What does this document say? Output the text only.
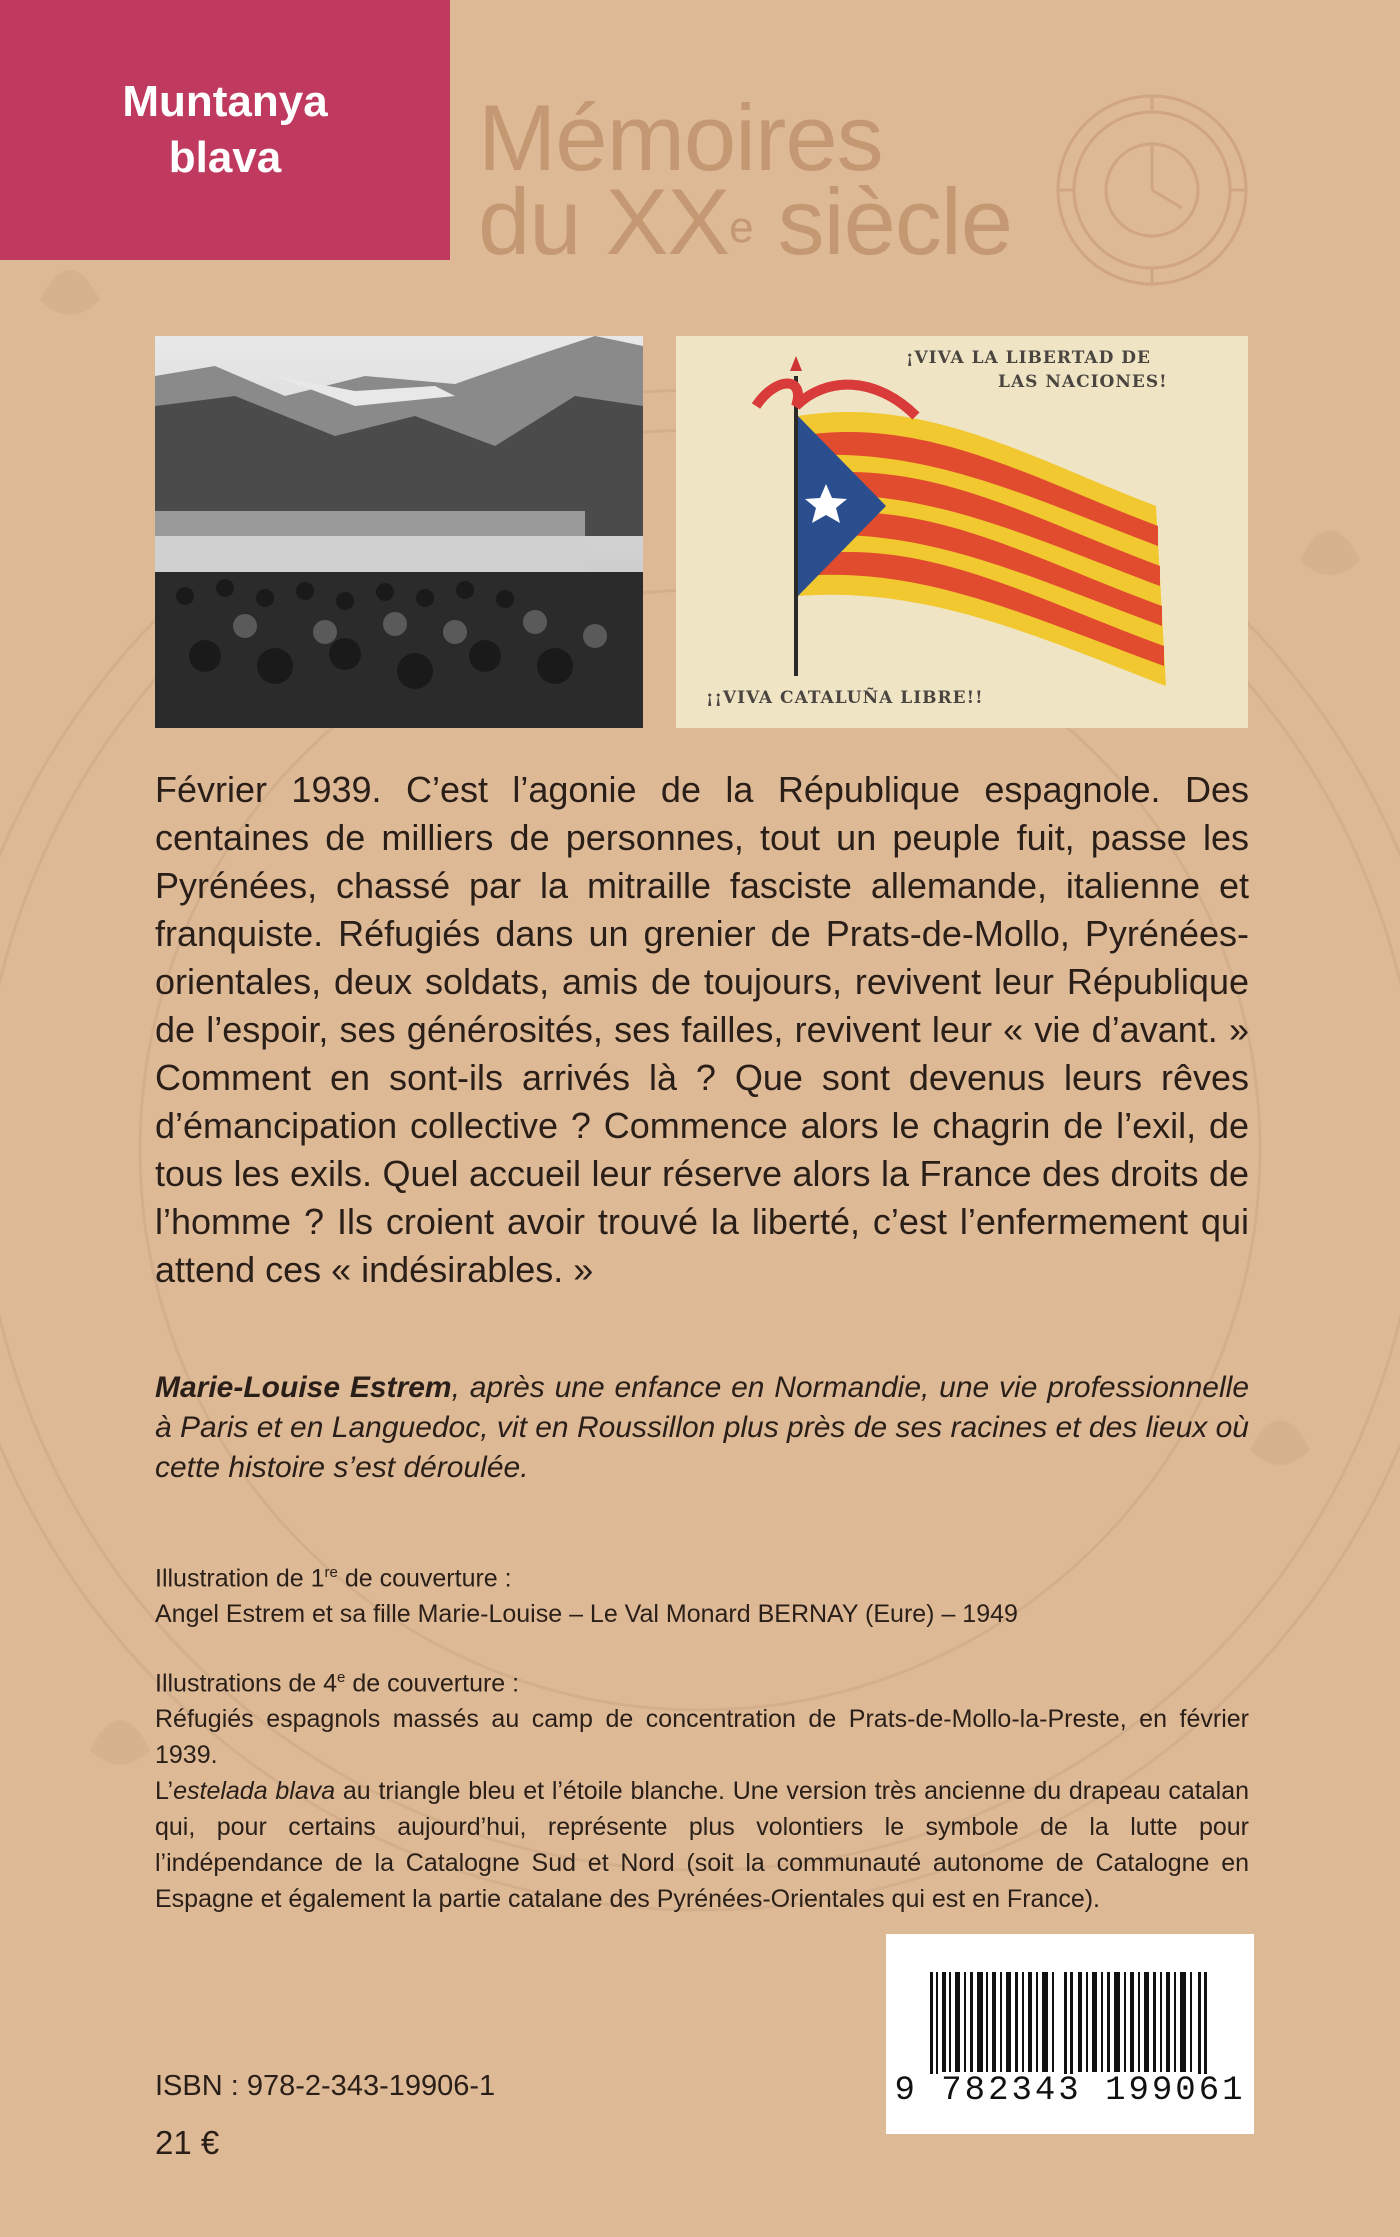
Muntanya
blava Mémoires
du XXe siècle
¡VIVA LA LIBERTAD DE
LAS NACIONES!
¡¡VIVA CATALUÑA LIBRE!!

Février 1939. C’est l’agonie de la République espagnole. Des centaines de milliers de personnes, tout un peuple fuit, passe les Pyrénées, chassé par la mitraille fasciste allemande, italienne et franquiste. Réfugiés dans un grenier de Prats-de-Mollo, Pyrénées-orientales, deux soldats, amis de toujours, revivent leur République de l’espoir, ses générosités, ses failles, revivent leur « vie d’avant. » Comment en sont-ils arrivés là ? Que sont devenus leurs rêves d’émancipation collective ? Commence alors le chagrin de l’exil, de tous les exils. Quel accueil leur réserve alors la France des droits de l’homme ? Ils croient avoir trouvé la liberté, c’est l’enfermement qui attend ces « indésirables. »

Marie-Louise Estrem, après une enfance en Normandie, une vie professionnelle à Paris et en Languedoc, vit en Roussillon plus près de ses racines et des lieux où cette histoire s’est déroulée.

Illustration de 1re de couverture :

Angel Estrem et sa fille Marie-Louise – Le Val Monard BERNAY (Eure) – 1949

Illustrations de 4e de couverture :

Réfugiés espagnols massés au camp de concentration de Prats-de-Mollo-la-Preste, en février 1939.

L’estelada blava au triangle bleu et l’étoile blanche. Une version très ancienne du drapeau catalan qui, pour certains aujourd’hui, représente plus volontiers le symbole de la lutte pour l’indépendance de la Catalogne Sud et Nord (soit la communauté autonome de Catalogne en Espagne et également la partie catalane des Pyrénées-Orientales qui est en France).

9 782343 199061
ISBN : 978-2-343-19906-1
21 €
